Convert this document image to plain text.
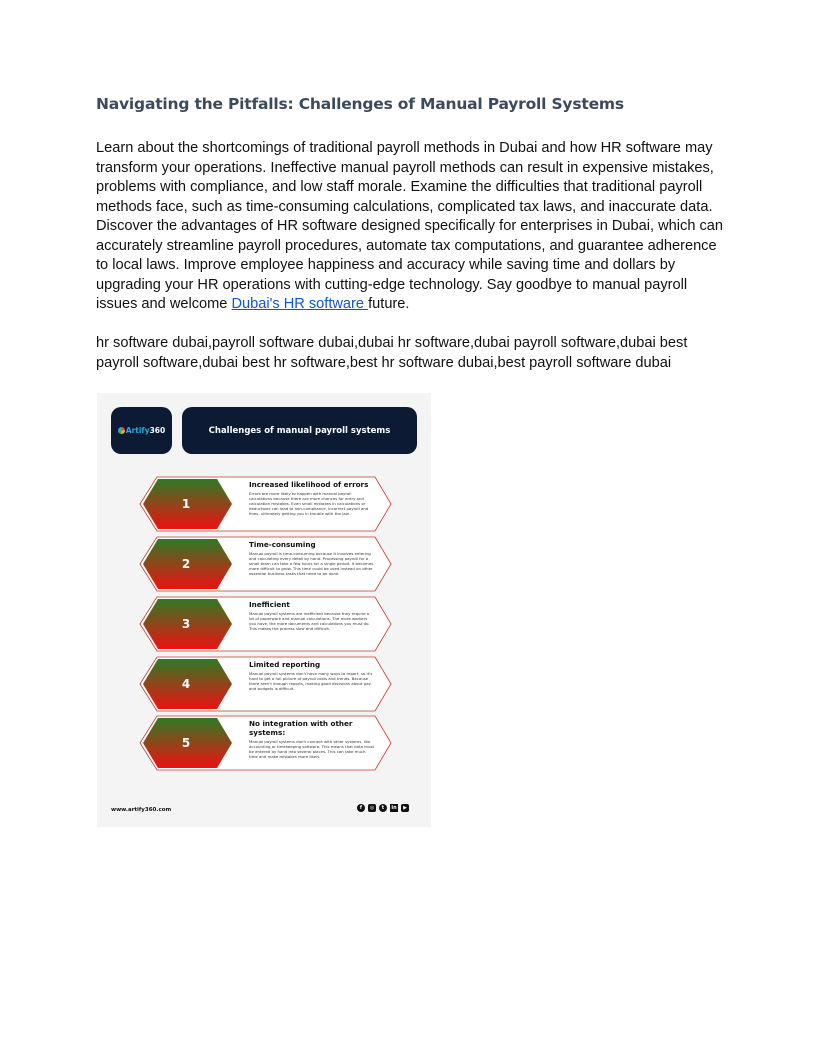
Navigating the Pitfalls: Challenges of Manual Payroll Systems
Learn about the shortcomings of traditional payroll methods in Dubai and how HR software may transform your operations. Ineffective manual payroll methods can result in expensive mistakes, problems with compliance, and low staff morale. Examine the difficulties that traditional payroll methods face, such as time-consuming calculations, complicated tax laws, and inaccurate data. Discover the advantages of HR software designed specifically for enterprises in Dubai, which can accurately streamline payroll procedures, automate tax computations, and guarantee adherence to local laws. Improve employee happiness and accuracy while saving time and dollars by upgrading your HR operations with cutting-edge technology. Say goodbye to manual payroll issues and welcome Dubai's HR software future.
hr software dubai,payroll software dubai,dubai hr software,dubai payroll software,dubai best payroll software,dubai best hr software,best hr software dubai,best payroll software dubai
Artify360	Challenges of manual payroll systems
1
Increased likelihood of errors
Errors are more likely to happen with manual payroll calculations because there are more chances for entry and calculation mistakes. Even small mistakes in calculations or deductions can lead to non-compliance, incorrect payroll and fines, ultimately getting you in trouble with the law.
2
Time-consuming
Manual payroll is time-consuming because it involves entering and calculating every detail by hand. Processing payroll for a small team can take a few hours for a single period. It becomes more difficult to grow. This time could be used instead on other essential business tasks that need to be done.
3
Inefficient
Manual payroll systems are inefficient because they require a lot of paperwork and manual calculations. The more workers you have, the more documents and calculations you must do. This makes the process slow and difficult.
4
Limited reporting
Manual payroll systems don't have many ways to report, so it's hard to get a full picture of payroll costs and trends. Because there aren't enough reports, making good decisions about pay and budgets is difficult.
5
No integration with other systems:
Manual payroll systems don't connect with other systems, like accounting or timekeeping software. This means that data must be entered by hand into several places. This can take much time and make mistakes more likely.
www.artify360.com	f	◎	t	in	▶
